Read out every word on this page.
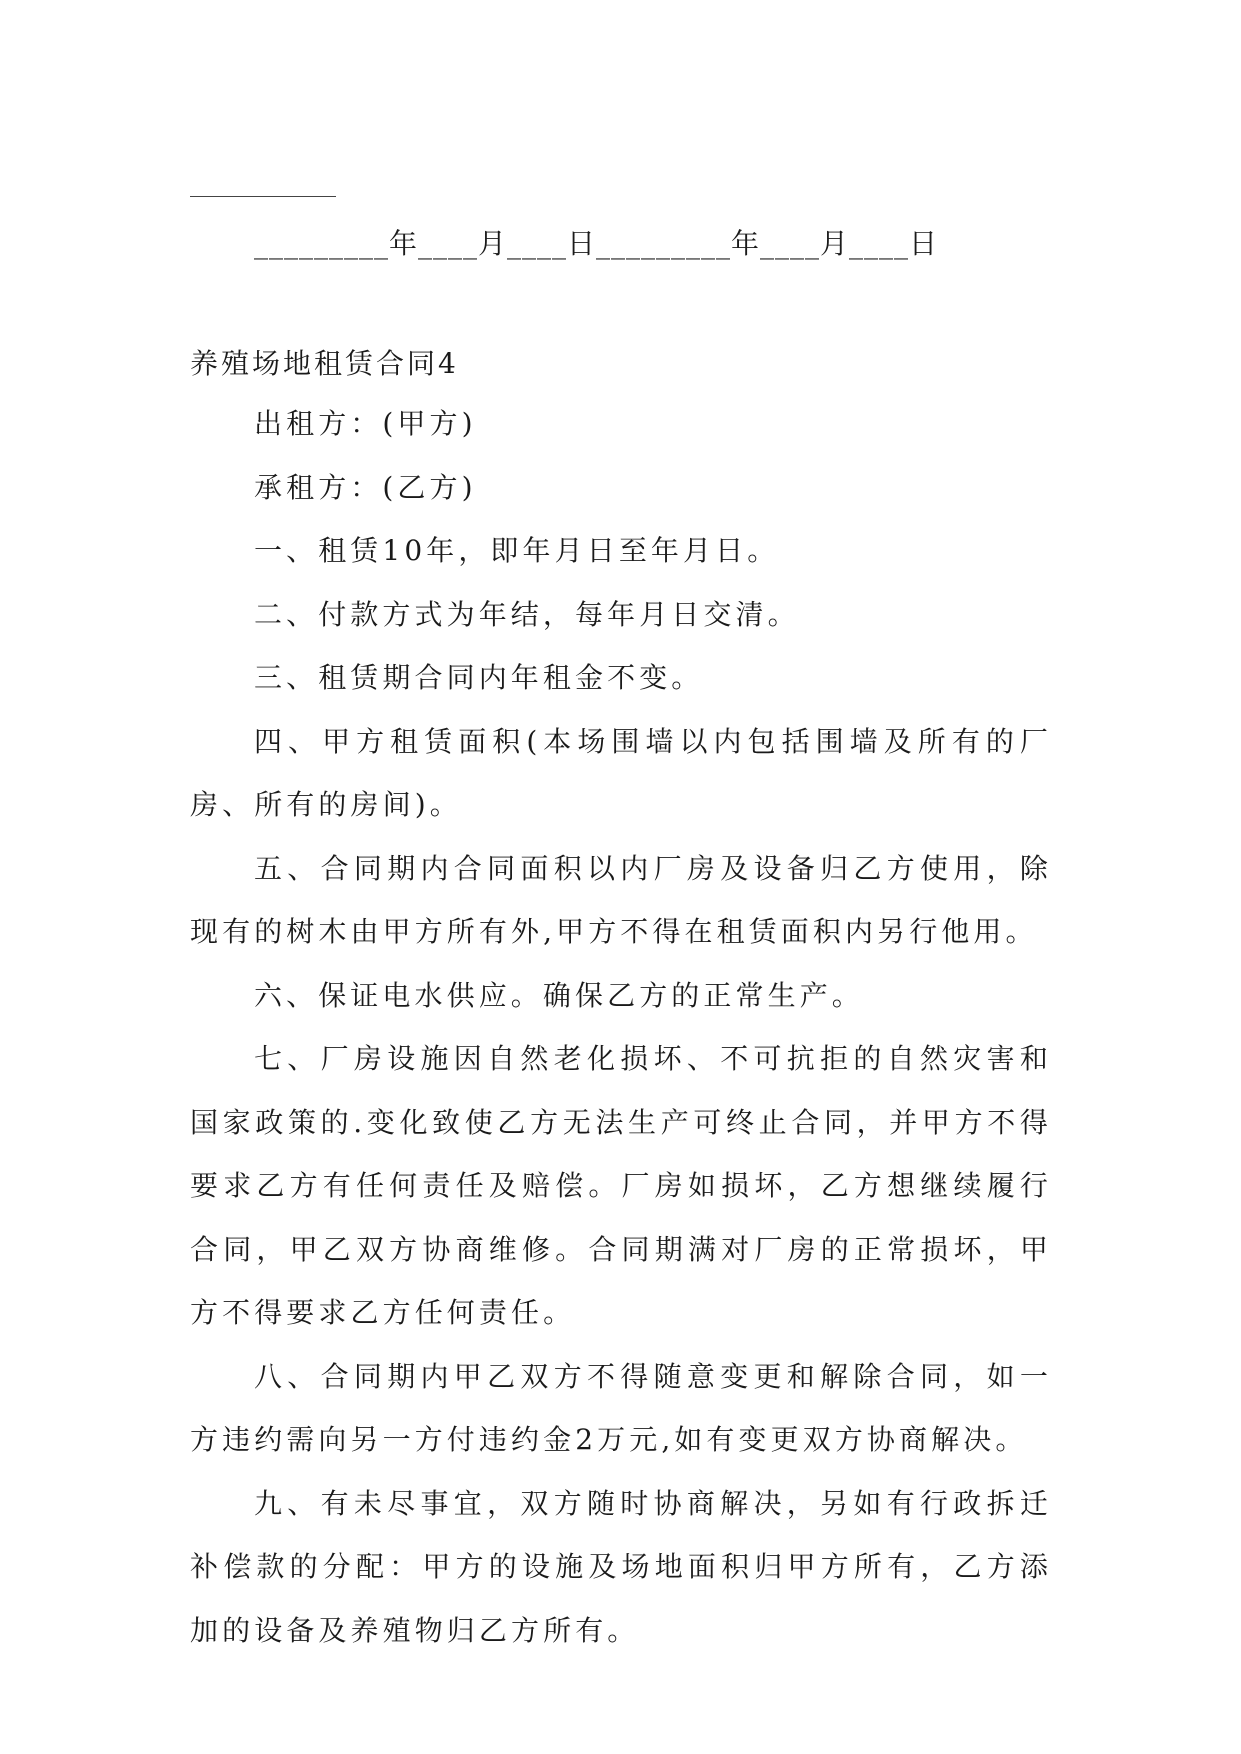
_________年____月____日_________年____月____日
养殖场地租赁合同4

出租方：(甲方)

承租方：(乙方)

一、租赁10年，即年月日至年月日。

二、付款方式为年结，每年月日交清。

三、租赁期合同内年租金不变。

四、甲方租赁面积(本场围墙以内包括围墙及所有的厂房、所有的房间)。

五、合同期内合同面积以内厂房及设备归乙方使用，除现有的树木由甲方所有外,甲方不得在租赁面积内另行他用。

六、保证电水供应。确保乙方的正常生产。

七、厂房设施因自然老化损坏、不可抗拒的自然灾害和国家政策的.变化致使乙方无法生产可终止合同，并甲方不得要求乙方有任何责任及赔偿。厂房如损坏，乙方想继续履行合同，甲乙双方协商维修。合同期满对厂房的正常损坏，甲方不得要求乙方任何责任。

八、合同期内甲乙双方不得随意变更和解除合同，如一方违约需向另一方付违约金2万元,如有变更双方协商解决。

九、有未尽事宜，双方随时协商解决，另如有行政拆迁补偿款的分配：甲方的设施及场地面积归甲方所有，乙方添加的设备及养殖物归乙方所有。
